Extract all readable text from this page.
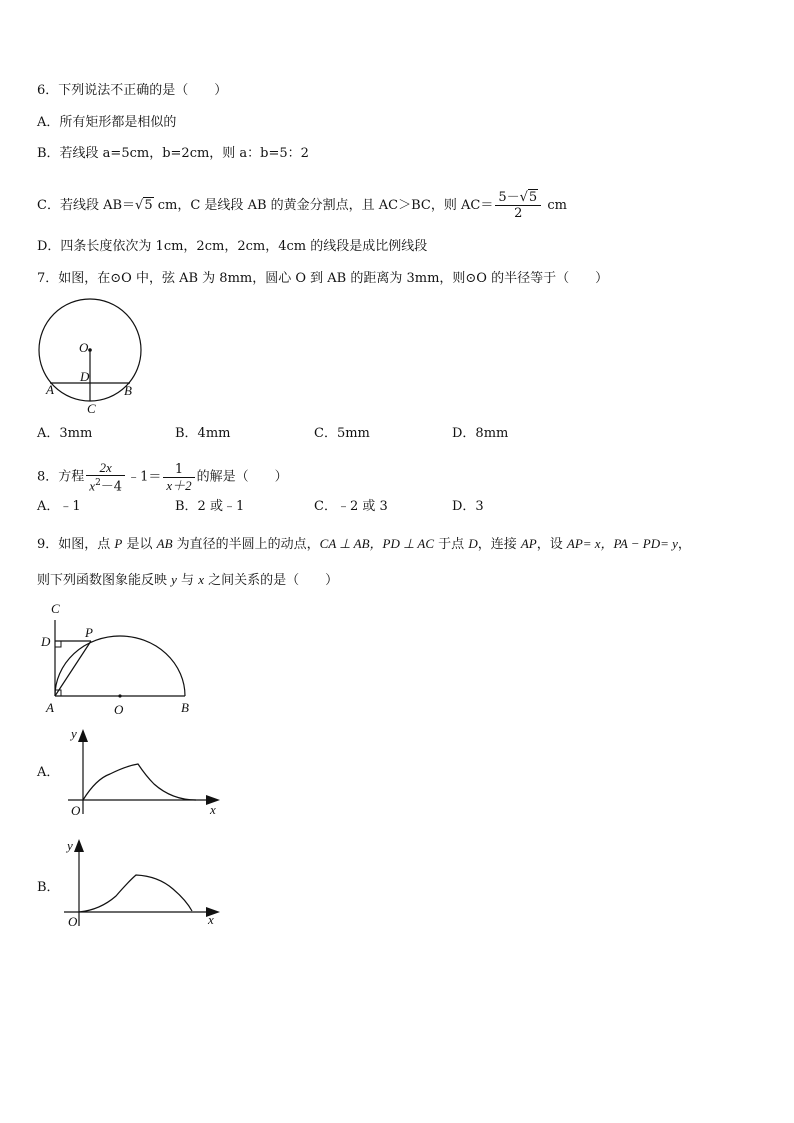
6．下列说法不正确的是（　　）
A．所有矩形都是相似的
B．若线段 a=5cm，b=2cm，则 a：b=5：2
C．若线段 AB＝√5 cm，C 是线段 AB 的黄金分割点，且 AC＞BC，则 $AC= \frac{5-√5}{2}$ cm
D．四条长度依次为 1cm，2cm，2cm，4cm 的线段是成比例线段
7．如图，在⊙O 中，弦 AB 为 8mm，圆心 O 到 AB 的距离为 3mm，则⊙O 的半径等于（　　）
O
D
A	B
C
A．3mm	B．4mm	C．5mm	D．8mm
8．方程 $\frac{2x}{x^2-4}$ ﹣1＝ $\frac{1}{x+2}$ 的解是（　　）
A．﹣1	B．2 或﹣1	C．﹣2 或 3	D．3
9．如图，点 P 是以 AB 为直径的半圆上的动点，CA ⊥ AB，PD ⊥ AC 于点 D，连接 AP，设 AP= x，PA − PD= y，
则下列函数图象能反映 y 与 x 之间关系的是（　　）
C
D
P
A	O	B
A．
y
O	x
B．
y
O	x
